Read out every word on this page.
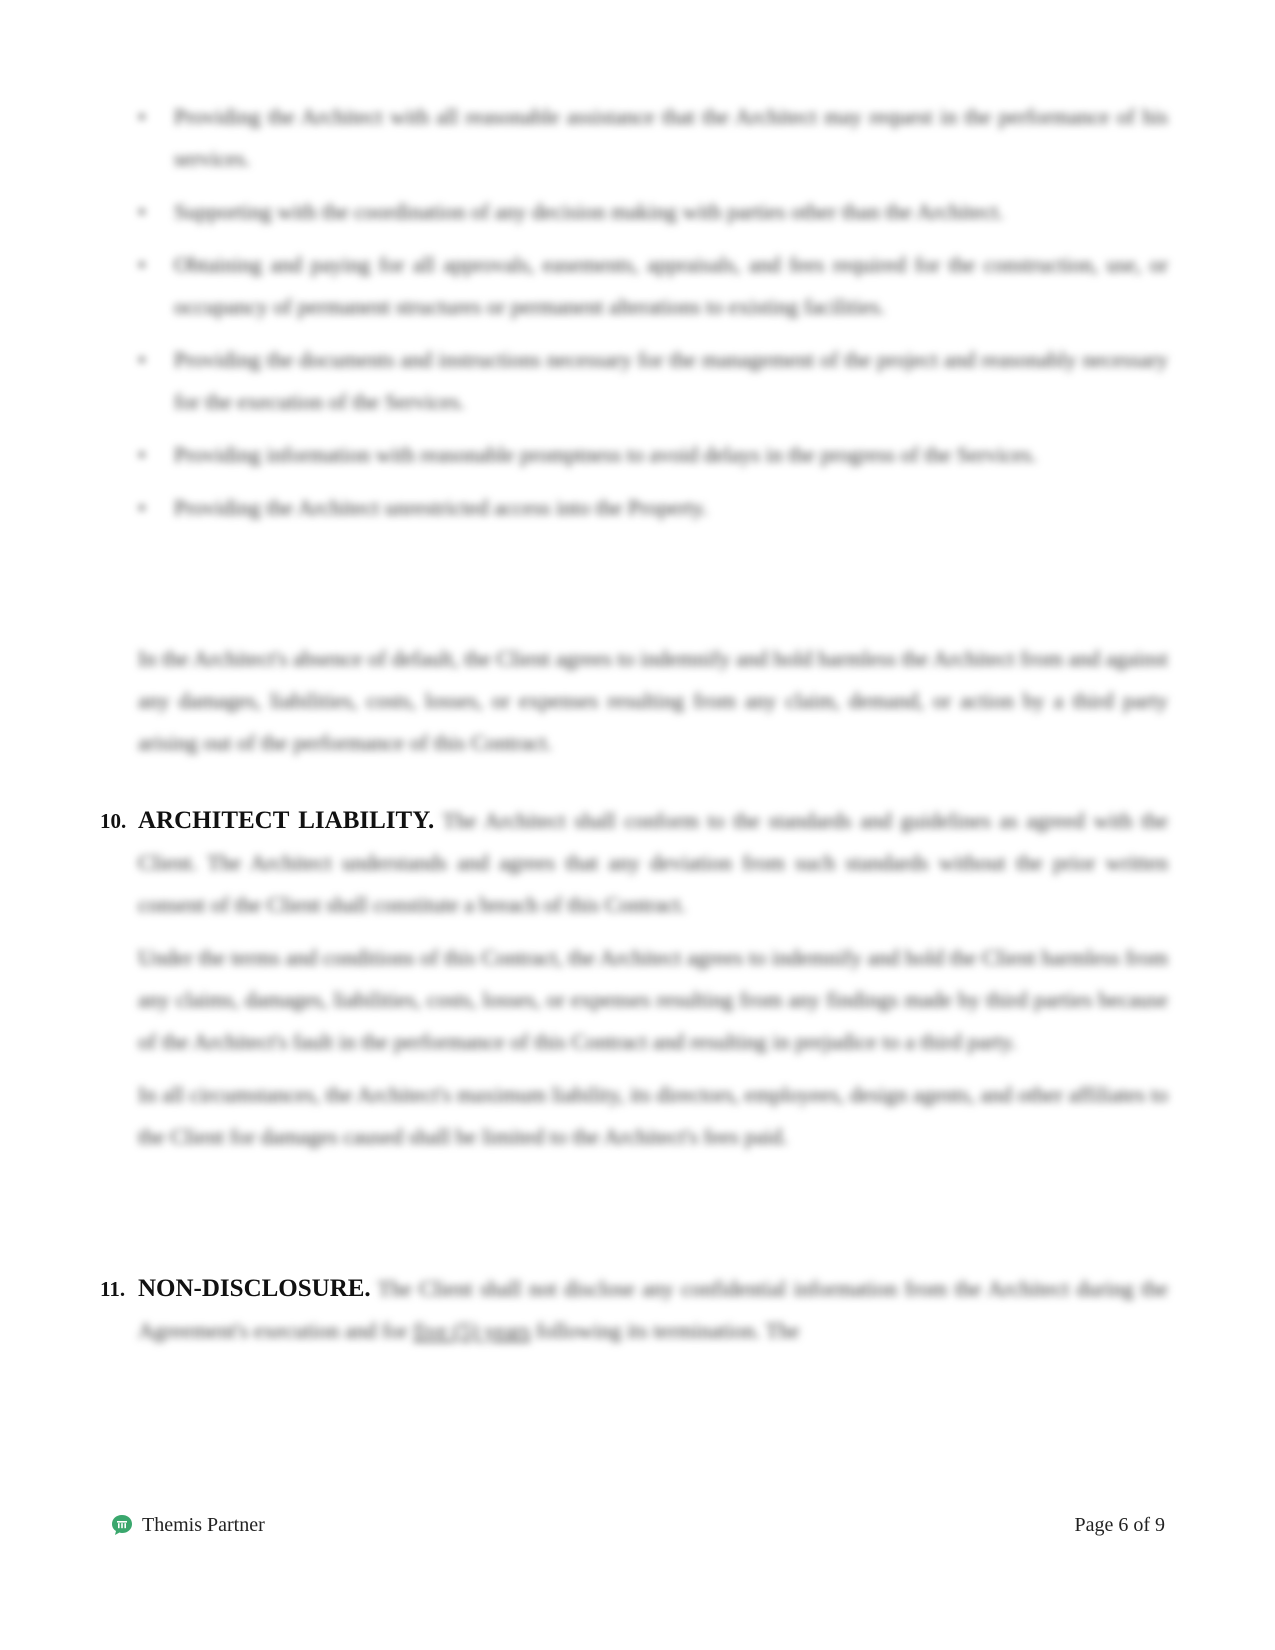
•	Providing the Architect with all reasonable assistance that the Architect may request in the performance of his services.
•	Supporting with the coordination of any decision making with parties other than the Architect.
•	Obtaining and paying for all approvals, easements, appraisals, and fees required for the construction, use, or occupancy of permanent structures or permanent alterations to existing facilities.
•	Providing the documents and instructions necessary for the management of the project and reasonably necessary for the execution of the Services.
•	Providing information with reasonable promptness to avoid delays in the progress of the Services.
•	Providing the Architect unrestricted access into the Property.
In the Architect's absence of default, the Client agrees to indemnify and hold harmless the Architect from and against any damages, liabilities, costs, losses, or expenses resulting from any claim, demand, or action by a third party arising out of the performance of this Contract.
10. ARCHITECT LIABILITY. The Architect shall conform to the standards and guidelines as agreed with the Client. The Architect understands and agrees that any deviation from such standards without the prior written consent of the Client shall constitute a breach of this Contract.
Under the terms and conditions of this Contract, the Architect agrees to indemnify and hold the Client harmless from any claims, damages, liabilities, costs, losses, or expenses resulting from any findings made by third parties because of the Architect's fault in the performance of this Contract and resulting in prejudice to a third party.
In all circumstances, the Architect's maximum liability, its directors, employees, design agents, and other affiliates to the Client for damages caused shall be limited to the Architect's fees paid.
11. NON-DISCLOSURE. The Client shall not disclose any confidential information from the Architect during the Agreement's execution and for five (5) years following its termination. The
Themis Partner	Page 6 of 9
